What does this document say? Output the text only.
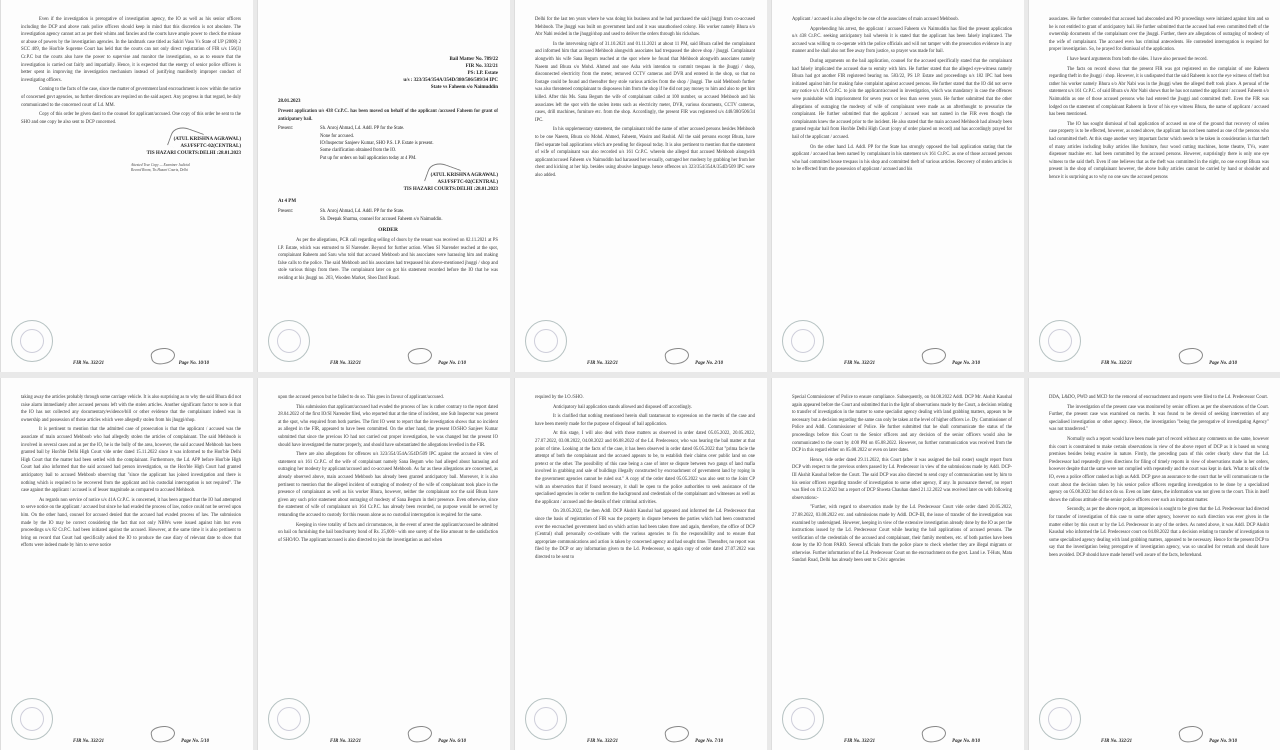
Even if the investigation is prerogative of investigation agency, the IO as well as his senior officers including the DCP and above rank police officers should keep in mind that this discretion is not absolute. The investigation agency cannot act as per their whims and fancies and the courts have ample power to check the misuse or abuse of powers by the investigation agencies. In the landmark case titled as Sakiri Vasu Vs State of UP (2008) 2 SCC 409, the Hon'ble Supreme Court has held that the courts can not only direct registration of FIR u/s 156(3) Cr.P.C but the courts also have the power to supervise and monitor the investigation, so as to ensure that the investigation is carried out fairly and impartially. Hence, it is expected that the energy of senior police officers is better spent in improving the investigation mechanism instead of justifying manifestly improper conduct of investigating officers.

Coming to the facts of the case, since the matter of government land encroachment is now within the notice of concerned govt agencies, no further directions are required on the said aspect. Any progress in that regard, be duly communicated to the concerned court of Ld. MM.

Copy of this order be given dasti to the counsel for applicant/accused. One copy of this order be sent to the SHO and one copy be also sent to DCP concerned.

(ATUL KRISHNA AGRAWAL)
ASJ/FSFTC-02(CENTRAL)
TIS HAZARI COURTS:DELHI :28.01.2023
Attested True Copy — Examiner Judicial Record Room, Tis Hazari Courts, Delhi
FIR No. 332/21	Page No. 10/10
Bail Matter No. 789/22
FIR No. 332/21
PS: I.P. Estate
u/s : 323/354/354A/354D/380/506/509/34 IPC
State vs Faheem s/o Naimuddin
28.01.2023

Present application u/s 438 Cr.P.C. has been moved on behalf of the applicant /accused Faheem for grant of anticipatory bail.

Present:	Sh. Anroj Ahmad, Ld. Addl. PP for the State.
None for accused.
IO/Inspector Sanjeev Kumar, SHO P.S. I.P. Estate is present.
Some clarification obtained from the IO.
Put up for orders on bail application today at 4 PM.
(ATUL KRISHNA AGRAWAL)
ASJ/FSFTC-02(CENTRAL)
TIS HAZARI COURTS:DELHI :28.01.2023
At 4 PM
Present:	Sh. Anroj Ahmad, Ld. Addl. PP for the State.
Sh. Deepak Sharma, counsel for accused Faheem s/o Naimuddin.
ORDER

As per the allegations, PCR call regarding selling of doors by the tenant was received on 02.11.2021 at PS I.P. Estate, which was entrusted to SI Narender. Beyond for further action. When SI Narender reached at the spot, complainant Raheem and Saru who told that accused Mehboob and his associates were harassing him and making false calls to the police. The said Mehboob and his associates had trespassed his above-mentioned jhuggi / shop and stole various things from there. The complainant later on got his statement recorded before the IO that he was residing at his jhuggi no. 203, Wooden Market, Sheo Dard Road.

FIR No. 332/21	Page No. 1/10

Delhi for the last ten years where he was doing his business and he had purchased the said jhuggi from co-accused Mehboob. The jhuggi was built on government land and it was unauthorised colony. His worker namely Bhura s/o Abr Nabi resided in the jhuggi/shop and used to deliver the orders through his rickshaw.

In the intervening night of 31.10.2021 and 01.11.2021 at about 11 PM, said Bhura called the complainant and informed him that accused Mehboob alongwith associates had trespassed the above shop / jhuggi. Complainant alongwith his wife Sana Begum reached at the spot where he found that Mehboob alongwith associates namely Naeem and Bhura s/o Mohd. Ahmed and one Asha with intention to commit trespass in the jhuggi / shop, disconnected electricity from the meter, removed CCTV cameras and DVR and entered in the shop, so that no footage could be found and thereafter they stole various articles from the shop / jhuggi. The said Mehboob further was also threatened complainant to dispossess him from the shop if he did not pay money to him and also to get him killed. After this Ms. Sana Begum the wife of complainant called at 100 number, so accused Mehboob and his associates left the spot with the stolen items such as electricity meter, DVR, various documents, CCTV cameras, cases, drill machines, furniture etc. from the shop. Accordingly, the present FIR was registered u/s 448/380/506/34 IPC.

In his supplementary statement, the complainant told the name of other accused persons besides Mehboob to be one Naeem, Bhura s/o Mohd. Ahmed, Faheem, Wasim and Rashid. All the said persons except Bhura, have filed separate bail applications which are pending for disposal today. It is also pertinent to mention that the statement of wife of complainant was also recorded u/s 161 Cr.P.C. wherein she alleged that accused Mehboob alongwith applicant/accused Faheem s/o Naimuddin had harassed her sexually, outraged her modesty by grabbing her from her chest and kicking at her hip. besides using abusive language. hence offences u/s 323/354/354A/354D/509 IPC were also added.

FIR No. 332/21	Page No. 2/10

Applicant / accused is also alleged to be one of the associates of main accused Mehboob.

Apprehending his arrest, the applicant / accused Faheem s/o Naimuddin has filed the present application u/s 438 Cr.P.C. seeking anticipatory bail wherein it is stated that the applicant has been falsely implicated. The accused was willing to co-operate with the police officials and will not tamper with the prosecution evidence in any manner and he shall also not flee away from justice, so prayer was made for bail.

During arguments on the bail application, counsel for the accused specifically stated that the complainant had falsely implicated the accused due to enmity with him. He further stated that the alleged eye-witness namely Bhura had got another FIR registered bearing no. 583/22, PS I.P. Estate and proceedings u/s 182 IPC had been initiated against him for making false complaint against accused persons. He further stated that the IO did not serve any notice u/s 41A Cr.P.C. to join the applicant/accused in investigation, which was mandatory in case the offences were punishable with imprisonment for seven years or less than seven years. He further submitted that the other allegations of outraging the modesty of wife of complainant were made as an afterthought to pressurize the complainant. He further submitted that the applicant / accused was not named in the FIR even though the complainants knew the accused prior to the incident. He also stated that the main accused Mehboob had already been granted regular bail from Hon'ble Delhi High Court (copy of order placed on record) and has accordingly prayed for bail of the applicant / accused.

On the other hand Ld. Addl. PP for the State has strongly opposed the bail application stating that the applicant / accused has been named by complainant in his statement u/s 161 Cr.P.C. as one of those accused persons who had committed house trespass in his shop and committed theft of various articles. Recovery of stolen articles is to be effected from the possession of applicant / accused and his

FIR No. 332/21	Page No. 3/10

associates. He further contended that accused had absconded and PO proceedings were initiated against him and so he is not entitled to grant of anticipatory bail. He further submitted that the accused had even committed theft of the ownership documents of the complainant over the jhuggi. Further, there are allegations of outraging of modesty of the wife of complainant. The accused even has criminal antecedents. He contended interrogation is required for proper investigation. So, he prayed for dismissal of the application.

I have heard arguments from both the sides. I have also perused the record.

The facts on record shows that the present FIR was got registered on the complaint of one Raheem regarding theft in the jhuggi / shop. However, it is undisputed that the said Raheem is not the eye witness of theft but rather his worker namely Bhura s/o Abr Nabi was in the jhuggi when the alleged theft took place. A perusal of the statement u/s 161 Cr.P.C. of said Bhura s/o Abr Nabi shows that he has not named the applicant / accused Faheem s/o Naimuddin as one of those accused persons who had entered the jhuggi and committed theft. Even the FIR was lodged on the statement of complainant Raheem in favor of his eye witness Bhura, the name of applicant / accused has been mentioned.

The IO has sought dismissal of bail application of accused on one of the ground that recovery of stolen case property is to be effected, however, as noted above, the applicant has not been named as one of the persons who had committed theft. At this stage another very important factor which needs to be taken in consideration is that theft of many articles including bulky articles like furniture, four wood cutting machines, home theatre, TVs, water dispenser machine etc. had been committed by the accused persons. However, surprisingly there is only one eye witness to the said theft. Even if one believes that as the theft was committed in the night, no one except Bhura was present in the shop of complainant however, the above bulky articles cannot be carried by hand or shoulder and hence it is surprising as to why no one saw the accused persons

FIR No. 332/21	Page No. 4/10

taking away the articles probably through some carriage vehicle. It is also surprising as to why the said Bhura did not raise alarm immediately after accused persons left with the stolen articles. Another significant factor to note is that the IO has not collected any documentary/evidence/bill or other evidence that the complainant indeed was in ownership and possession of those articles which were allegedly stolen from his jhuggi/shop.

It is pertinent to mention that the admitted case of prosecution is that the applicant / accused was the associate of main accused Mehboob who had allegedly stolen the articles of complainant. The said Mehboob is involved in several cases and as per the IO, he is the bully of the area, however, the said accused Mehboob has been granted bail by Hon'ble Delhi High Court vide order dated 15.11.2022 since it was informed to the Hon'ble Delhi High Court that the matter had been settled with the complainant. Furthermore, the Ld. APP before Hon'ble High Court had also informed that the said accused had person investigation, so the Hon'ble High Court had granted anticipatory bail to accused Mehboob observing that "since the applicant has joined investigation and there is nothing which is required to be recovered from the applicant and his custodial interrogation is not required". The case against the applicant / accused is of lesser magnitude as compared to accused Mehboob.

As regards non service of notice u/s 41A Cr.P.C. is concerned, it has been argued that the IO had attempted to serve notice on the applicant / accused but since he had evaded the process of law, notice could not be served upon him. On the other hand, counsel for accused denied that the accused had evaded process of law. The submission made by the IO may be correct considering the fact that not only NBWs were issued against him but even proceedings u/s 82 Cr.P.C. had been initiated against the accused. However, at the same time it is also pertinent to bring on record that Court had specifically asked the IO to produce the case diary of relevant date to show that efforts were indeed made by him to serve notice

FIR No. 332/21	Page No. 5/10

upon the accused person but he failed to do so. This goes in favour of applicant/accused.

This submission that applicant/accused had evaded the process of law is rather contrary to the report dated 28.04.2022 of the first IO/SI Narender filed, who reported that at the time of incident, one Sub Inspector was present at the spot, who enquired from both parties. The first IO went to report that the investigation shows that no incident as alleged in the FIR, appeared to have been committed. On the other hand, the present IO/SHO Sanjeev Kumar submitted that since the previous IO had not carried out proper investigation, he was changed but the present IO should have investigated the matter properly, and should have substantiated the allegations levelled in the FIR.

There are also allegations for offences u/s 323/354/354A/354D/509 IPC against the accused in view of statement u/s 161 Cr.P.C. of the wife of complainant namely Sana Begum who had alleged about harassing and outraging her modesty by applicant/accused and co-accused Mehboob. As far as these allegations are concerned, as already observed above, main accused Mehboob has already been granted anticipatory bail. Moreover, it is also pertinent to mention that the alleged incident of outraging of modesty of the wife of complainant took place in the presence of complainant as well as his worker Bhura, however, neither the complainant nor the said Bhura have given any such prior statement about outraging of modesty of Sana Begum in their presence. Even otherwise, since the statement of wife of complainant u/s 164 Cr.P.C. has already been recorded, no purpose would be served by remanding the accused to custody for this reason alone as no custodial interrogation is required for the same.

Keeping in view totality of facts and circumstances, in the event of arrest the applicant/accused be admitted on bail on furnishing the bail bond/surety bond of Rs. 25,000/- with one surety of the like amount to the satisfaction of SHO/IO. The applicant/accused is also directed to join the investigation as and when

FIR No. 332/21	Page No. 6/10

required by the I.O./SHO.

Anticipatory bail application stands allowed and disposed off accordingly.

It is clarified that nothing mentioned herein shall tantamount to expression on the merits of the case and have been merely made for the purpose of disposal of bail application.

At this stage, I will also deal with those matters as observed in order dated 05.05.2022, 20.05.2022, 27.07.2022, 03.08.2022, 04.08.2022 and 06.08.2022 of the Ld. Predecessor, who was hearing the bail matter at that point of time. Looking at the facts of the case, it has been observed in order dated 05.05.2022 that "prima facie the attempt of both the complainant and the accused appears to be, to establish their claims over public land on one pretext or the other. The possibility of this case being a case of inter se dispute between two gangs of land mafia involved in grabbing and sale of buildings illegally constructed by encroachment of government land by roping in the government agencies cannot be ruled out." A copy of the order dated 05.05.2022 was also sent to the Joint CP with an observation that if found necessary, it shall be open to the police authorities to seek assistance of the specialised agencies in order to confirm the background and credentials of the complainant and witnesses as well as the applicant / accused and the details of their criminal activities.

On 20.05.2022, the then Addl. DCP Akshit Kaushal had appeared and informed the Ld. Predecessor that since the basis of registration of FIR was the property in dispute between the parties which had been constructed over the encroached government land on which action had been taken three and again, therefore, the office of DCP (Central) shall personally co-ordinate with the various agencies to fix the responsibility and to ensure that appropriate communications and action is taken by concerned agency and had sought time. Thereafter, no report was filed by the DCP or any information given to the Ld. Predecessor, so again copy of order dated 27.07.2022 was directed to be sent to

FIR No. 332/21	Page No. 7/10

Special Commissioner of Police to ensure compliance. Subsequently, on 04.08.2022 Addl. DCP Mr. Akshit Kaushal again appeared before the Court and submitted that in the light of observations made by the Court, a decision relating to transfer of investigation in the matter to some specialist agency dealing with land grabbing matters, appears to be necessary but a decision regarding the same can only be taken at the level of higher officers i.e. Dy. Commissioner of Police and Addl. Commissioner of Police. He further submitted that he shall communicate the status of the proceedings before this Court to the Senior officers and any decision of the senior officers would also be communicated to the court by 4:00 PM on 05.08.2022. However, no further communication was received from the DCP in this regard either on 05.08.2022 or even on later dates.

Hence, vide order dated 29.11.2022, this Court (after it was assigned the bail roster) sought report from DCP with respect to the previous orders passed by Ld. Predecessor in view of the submissions made by Addl. DCP-III Akshit Kaushal before the Court. The said DCP was also directed to send copy of communication sent by him to his senior officers regarding transfer of investigation to some other agency, if any. In pursuance thereof, no report was filed on 19.12.2022 but a report of DCP Shweta Chauhan dated 21.12.2022 was received later on with following observations:-

"Further, with regard to observation made by the Ld. Predecessor Court vide order dated 20.05.2022, 27.08.2022, 03.08.2022 etc. and submissions made by Addl. DCP-III, the issue of transfer of the investigation was examined by undersigned. However, keeping in view of the extensive investigation already done by the IO as per the instructions issued by the Ld. Predecessor Court while hearing the bail applications of accused persons. The verification of the credentials of the accused and complainant, their family members, etc. of both parties have been done by the IO from PARO. Several officials from the police place to check whether they are illegal migrants or otherwise. Further information of the Ld. Predecessor Court on the encroachment on the govt. Land i.e. T-Huts, Mata Sundari Road, Delhi has already been sent to Civic agencies

FIR No. 332/21	Page No. 8/10

DDA, L&DO, PWD and MCD for the removal of encroachment and reports were filed to the Ld. Predecessor Court.

The investigation of the present case was monitored by senior officers as per the observations of the Court. Further, the present case was examined on merits. It was found to be devoid of seeking intervention of any specialised investigation or other agency. Hence, the investigation "being the prerogative of investigating Agency" was not transferred."

Normally such a report would have been made part of record without any comments on the same, however this court is constrained to make certain observations in view of the above report of DCP as it is based on wrong premises besides being evasive in nature. Firstly, the preceding para of this order clearly show that the Ld. Predecessor had repeatedly given directions for filing of timely reports in view of observations made in her orders, however despite that the same were not complied with repeatedly and the court was kept in dark. What to talk of the IO, even a police officer ranked as high as Addl. DCP gave an assurance to the court that he will communicate to the court about the decision taken by his senior police officers regarding investigation to be done by a specialized agency on 05.08.2022 but did not do so. Even on later dates, the information was not given to the court. This in itself shows the callous attitude of the senior police officers over such an important matter.

Secondly, as per the above report, an impression is sought to be given that the Ld. Predecessor had directed for transfer of investigation of this case to some other agency, however no such direction was ever given in the matter either by this court or by the Ld. Predecessor in any of the orders. As noted above, it was Addl. DCP Akshit Kaushal who informed the Ld. Predecessor court on 04.08.2022 that a decision relating to transfer of investigation to some specialized agency dealing with land grabbing matters, appeared to be necessary. Hence for the present DCP to say that the investigation being prerogative of investigation agency, was so uncalled for remark and should have been avoided. DCP should have made herself well aware of the facts, beforehand.

FIR No. 332/21	Page No. 9/10
